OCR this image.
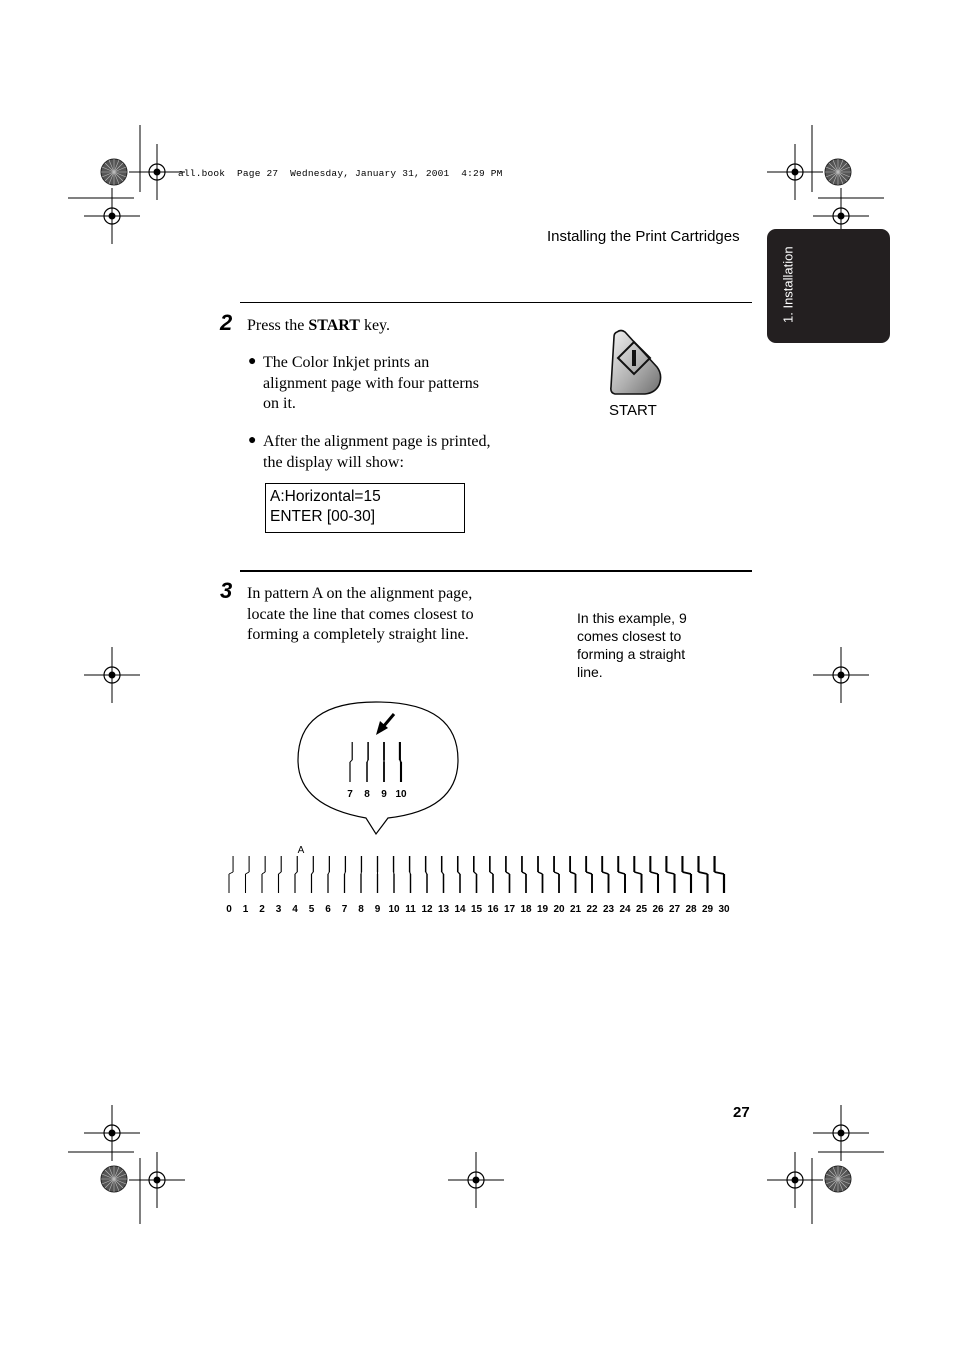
all.book  Page 27  Wednesday, January 31, 2001  4:29 PM
Installing the Print Cartridges
1. Installation
2 Press the START key.
● The Color Inkjet prints an
alignment page with four patterns
on it.
● After the alignment page is printed,
the display will show:
A:Horizontal=15
ENTER [00-30]
START
3 In pattern A on the alignment page,
locate the line that comes closest to
forming a completely straight line.
In this example, 9
comes closest to
forming a straight
line.
7 8 9 10
A
0 1 2 3 4 5 6 7 8 9 10 11 12 13 14 15 16 17 18 19 20 21 22 23 24 25 26 27 28 29 30
27
